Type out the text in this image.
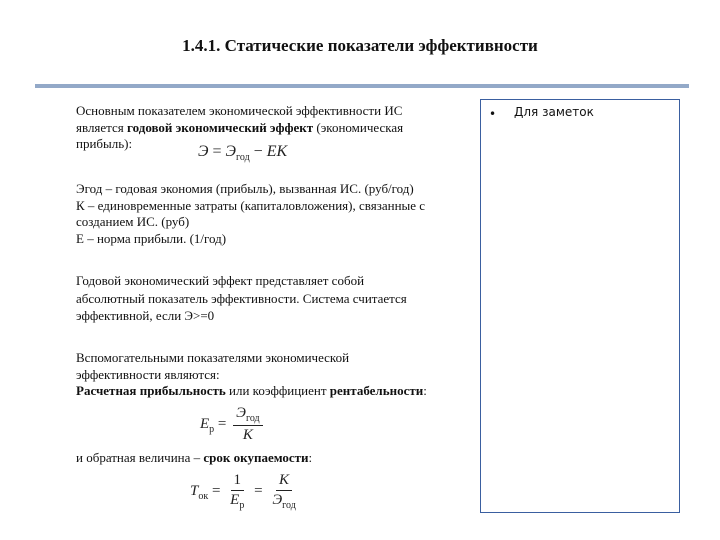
1.4.1. Статические показатели эффективности
Основным показателем экономической эффективности ИС
является годовой экономический эффект (экономическая
прибыль):	$Э = Э_{год}$ − ЕК
Эгод – годовая экономия (прибыль), вызванная ИС. (руб/год)
К – единовременные затраты (капиталовложения), связанные с
созданием ИС. (руб)
Е – норма прибыли. (1/год)
Годовой экономический эффект представляет собой
абсолютный показатель эффективности. Система считается
эффективной, если Э>=0
Вспомогательными показателями экономической
эффективности являются:
Расчетная прибыльность или коэффициент рентабельности:
$E_р = \frac{Э_{год}}{K}$
и обратная величина – срок окупаемости:
$T_{ок} = \frac{1}{E_р} = \frac{K}{Э_{год}}$
• Для заметок
